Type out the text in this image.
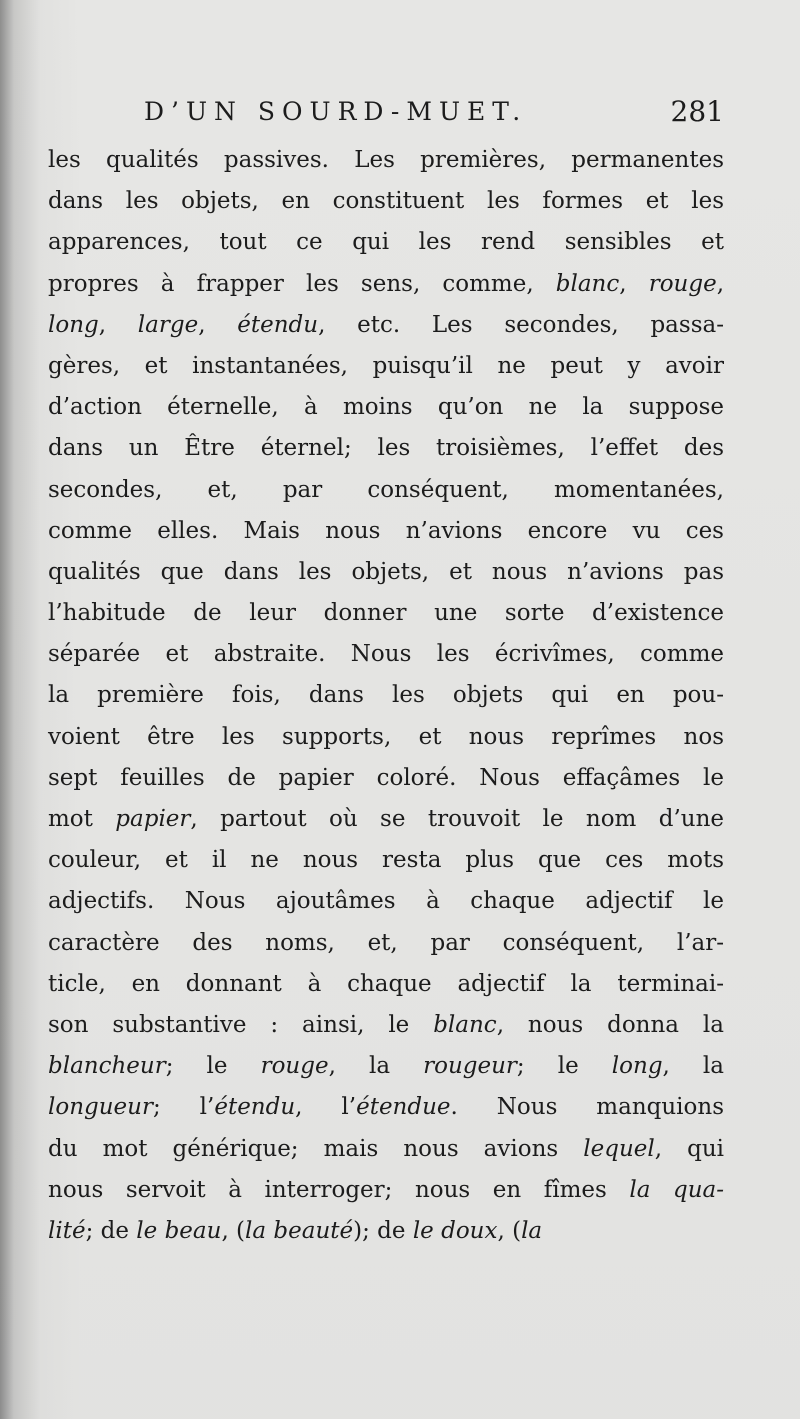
D’UN SOURD-MUET.	281
les qualités passives. Les premières, permanentes
dans les objets, en constituent les formes et les
apparences, tout ce qui les rend sensibles et
propres à frapper les sens, comme, blanc, rouge,
long, large, étendu, etc. Les secondes, passa-
gères, et instantanées, puisqu’il ne peut y avoir
d’action éternelle, à moins qu’on ne la suppose
dans un Être éternel; les troisièmes, l’effet des
secondes, et, par conséquent, momentanées,
comme elles. Mais nous n’avions encore vu ces
qualités que dans les objets, et nous n’avions pas
l’habitude de leur donner une sorte d’existence
séparée et abstraite. Nous les écrivîmes, comme
la première fois, dans les objets qui en pou-
voient être les supports, et nous reprîmes nos
sept feuilles de papier coloré. Nous effaçâmes le
mot papier, partout où se trouvoit le nom d’une
couleur, et il ne nous resta plus que ces mots
adjectifs. Nous ajoutâmes à chaque adjectif le
caractère des noms, et, par conséquent, l’ar-
ticle, en donnant à chaque adjectif la terminai-
son substantive : ainsi, le blanc, nous donna la
blancheur; le rouge, la rougeur; le long, la
longueur; l’étendu, l’étendue. Nous manquions
du mot générique; mais nous avions lequel, qui
nous servoit à interroger; nous en fîmes la qua-
lité; de le beau, (la beauté); de le doux, (la
